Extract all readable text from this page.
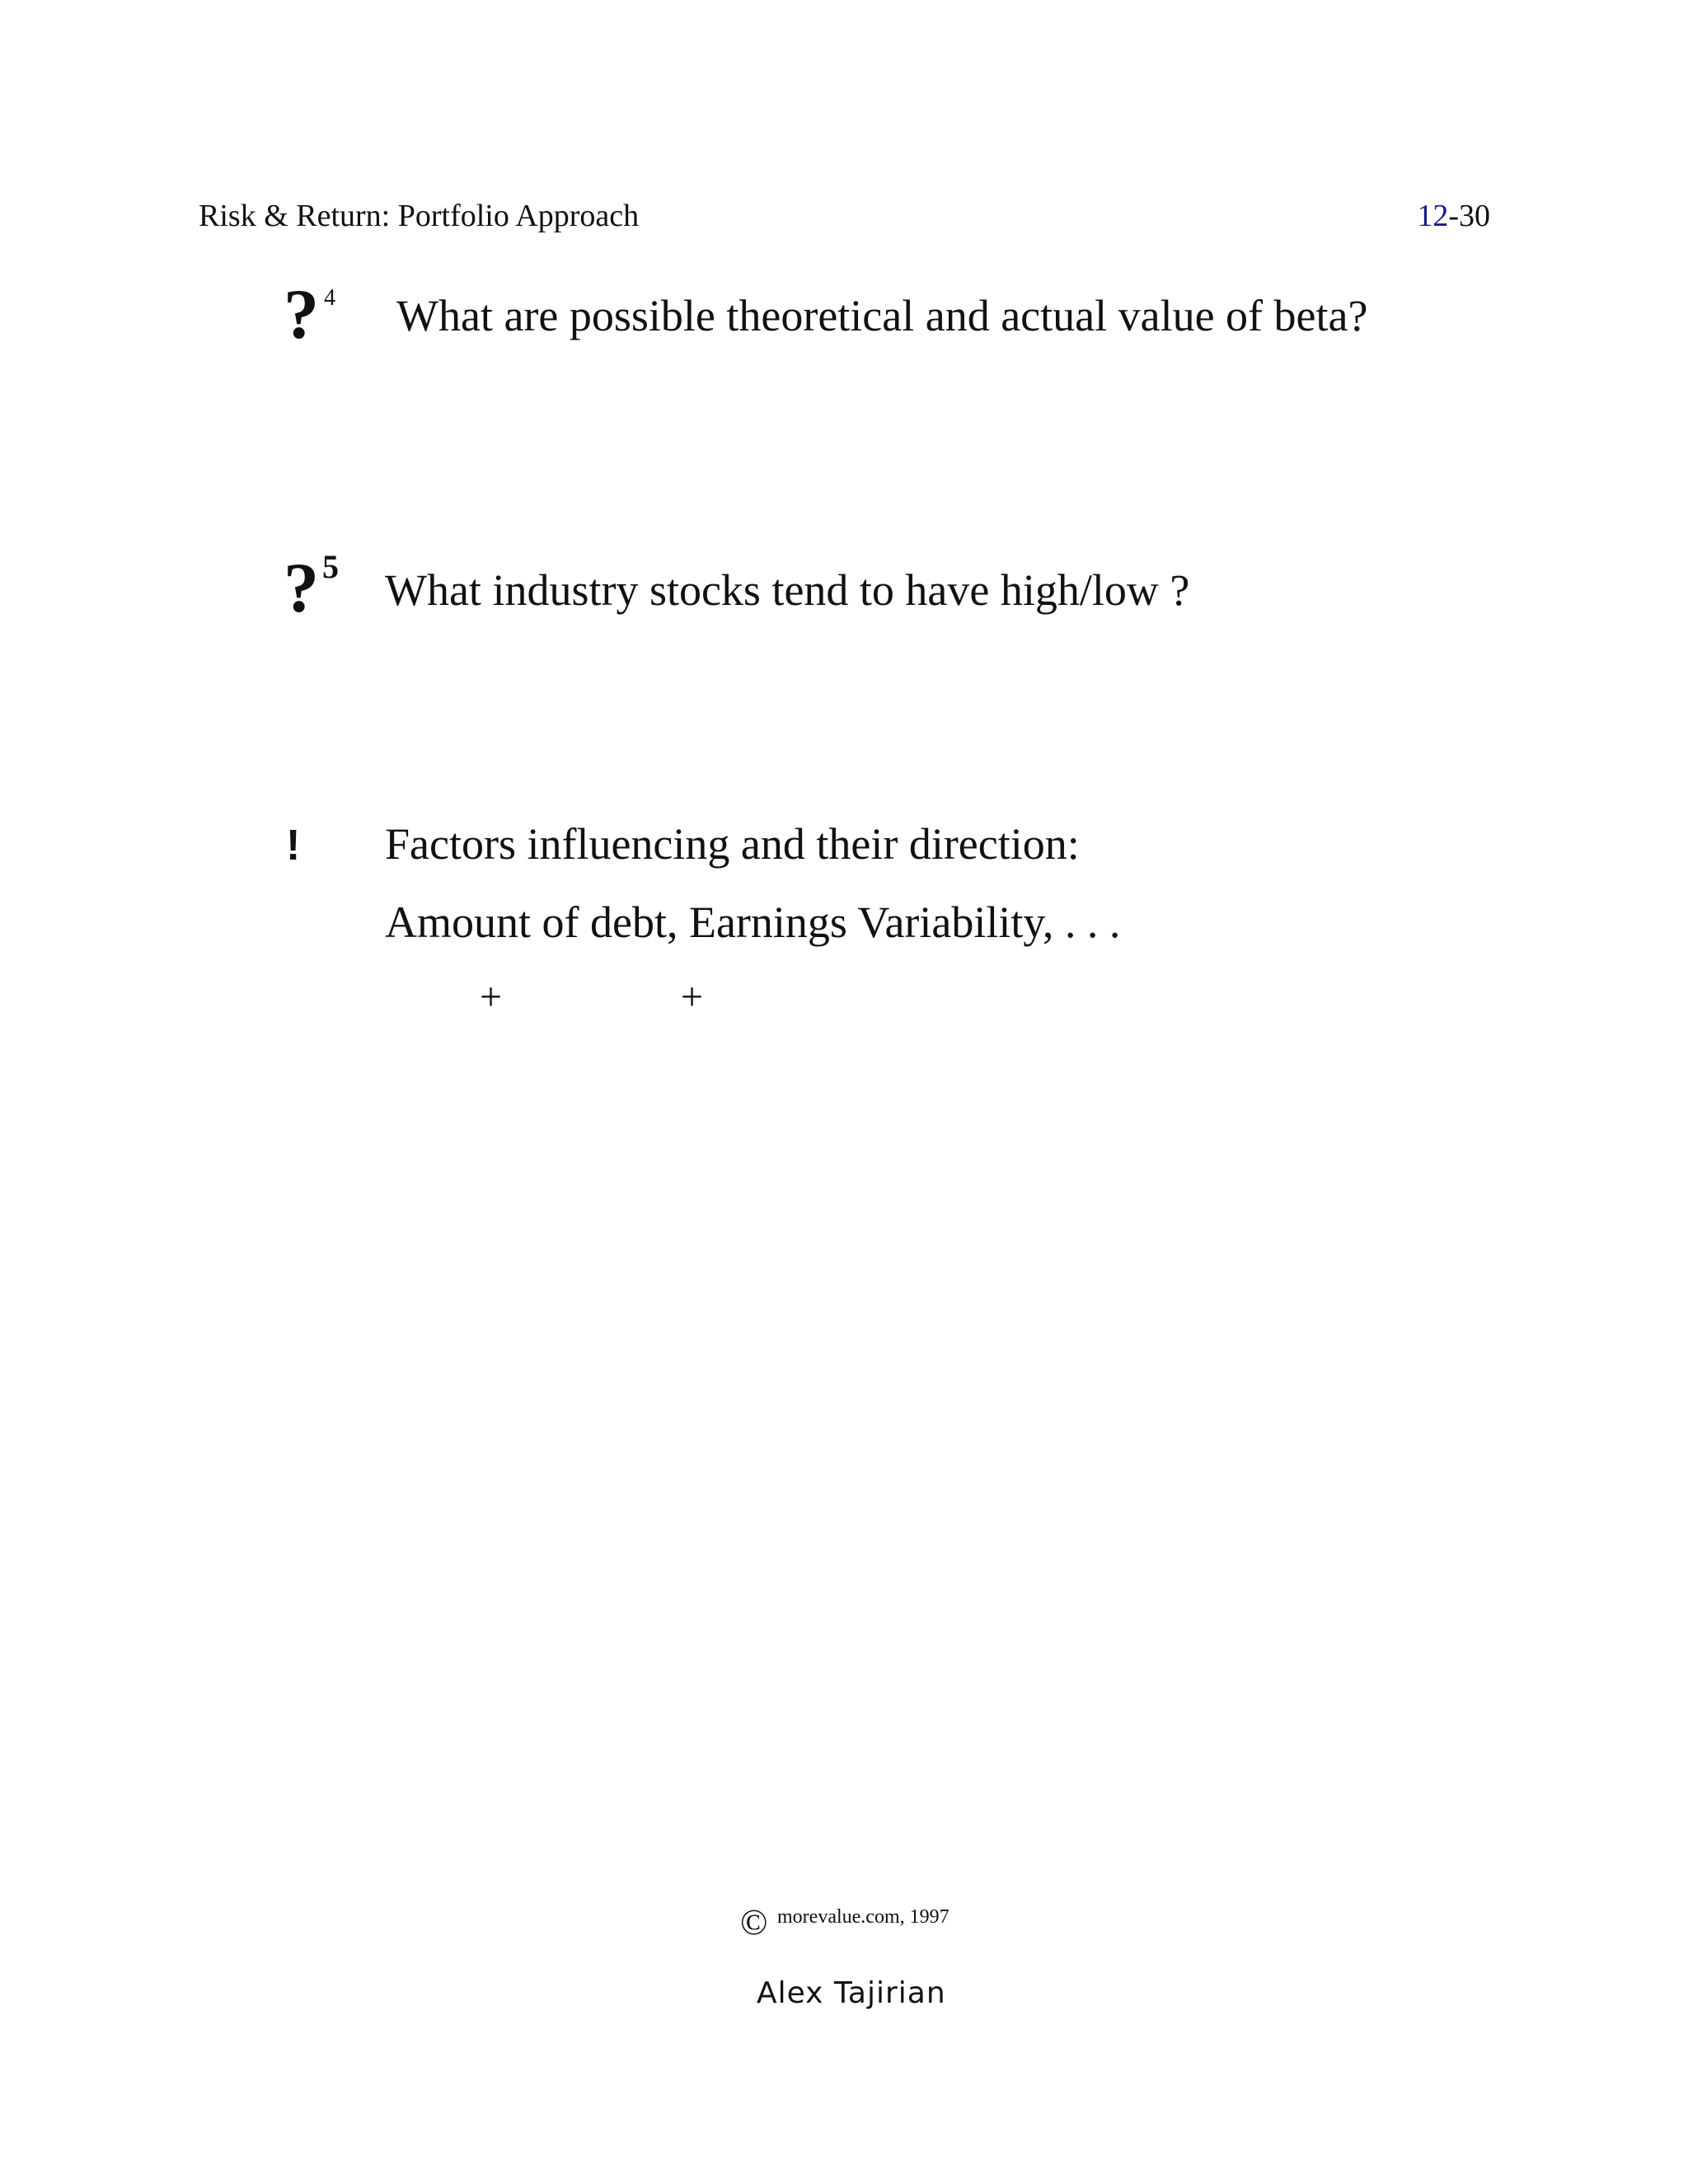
Risk & Return: Portfolio Approach	12-30
? $^4$ What are possible theoretical and actual value of beta?
? $^5$ What industry stocks tend to have high/low ?
! Factors influencing and their direction:
Amount of debt, Earnings Variability, . . .
+	+
© morevalue.com, 1997
Alex Tajirian
